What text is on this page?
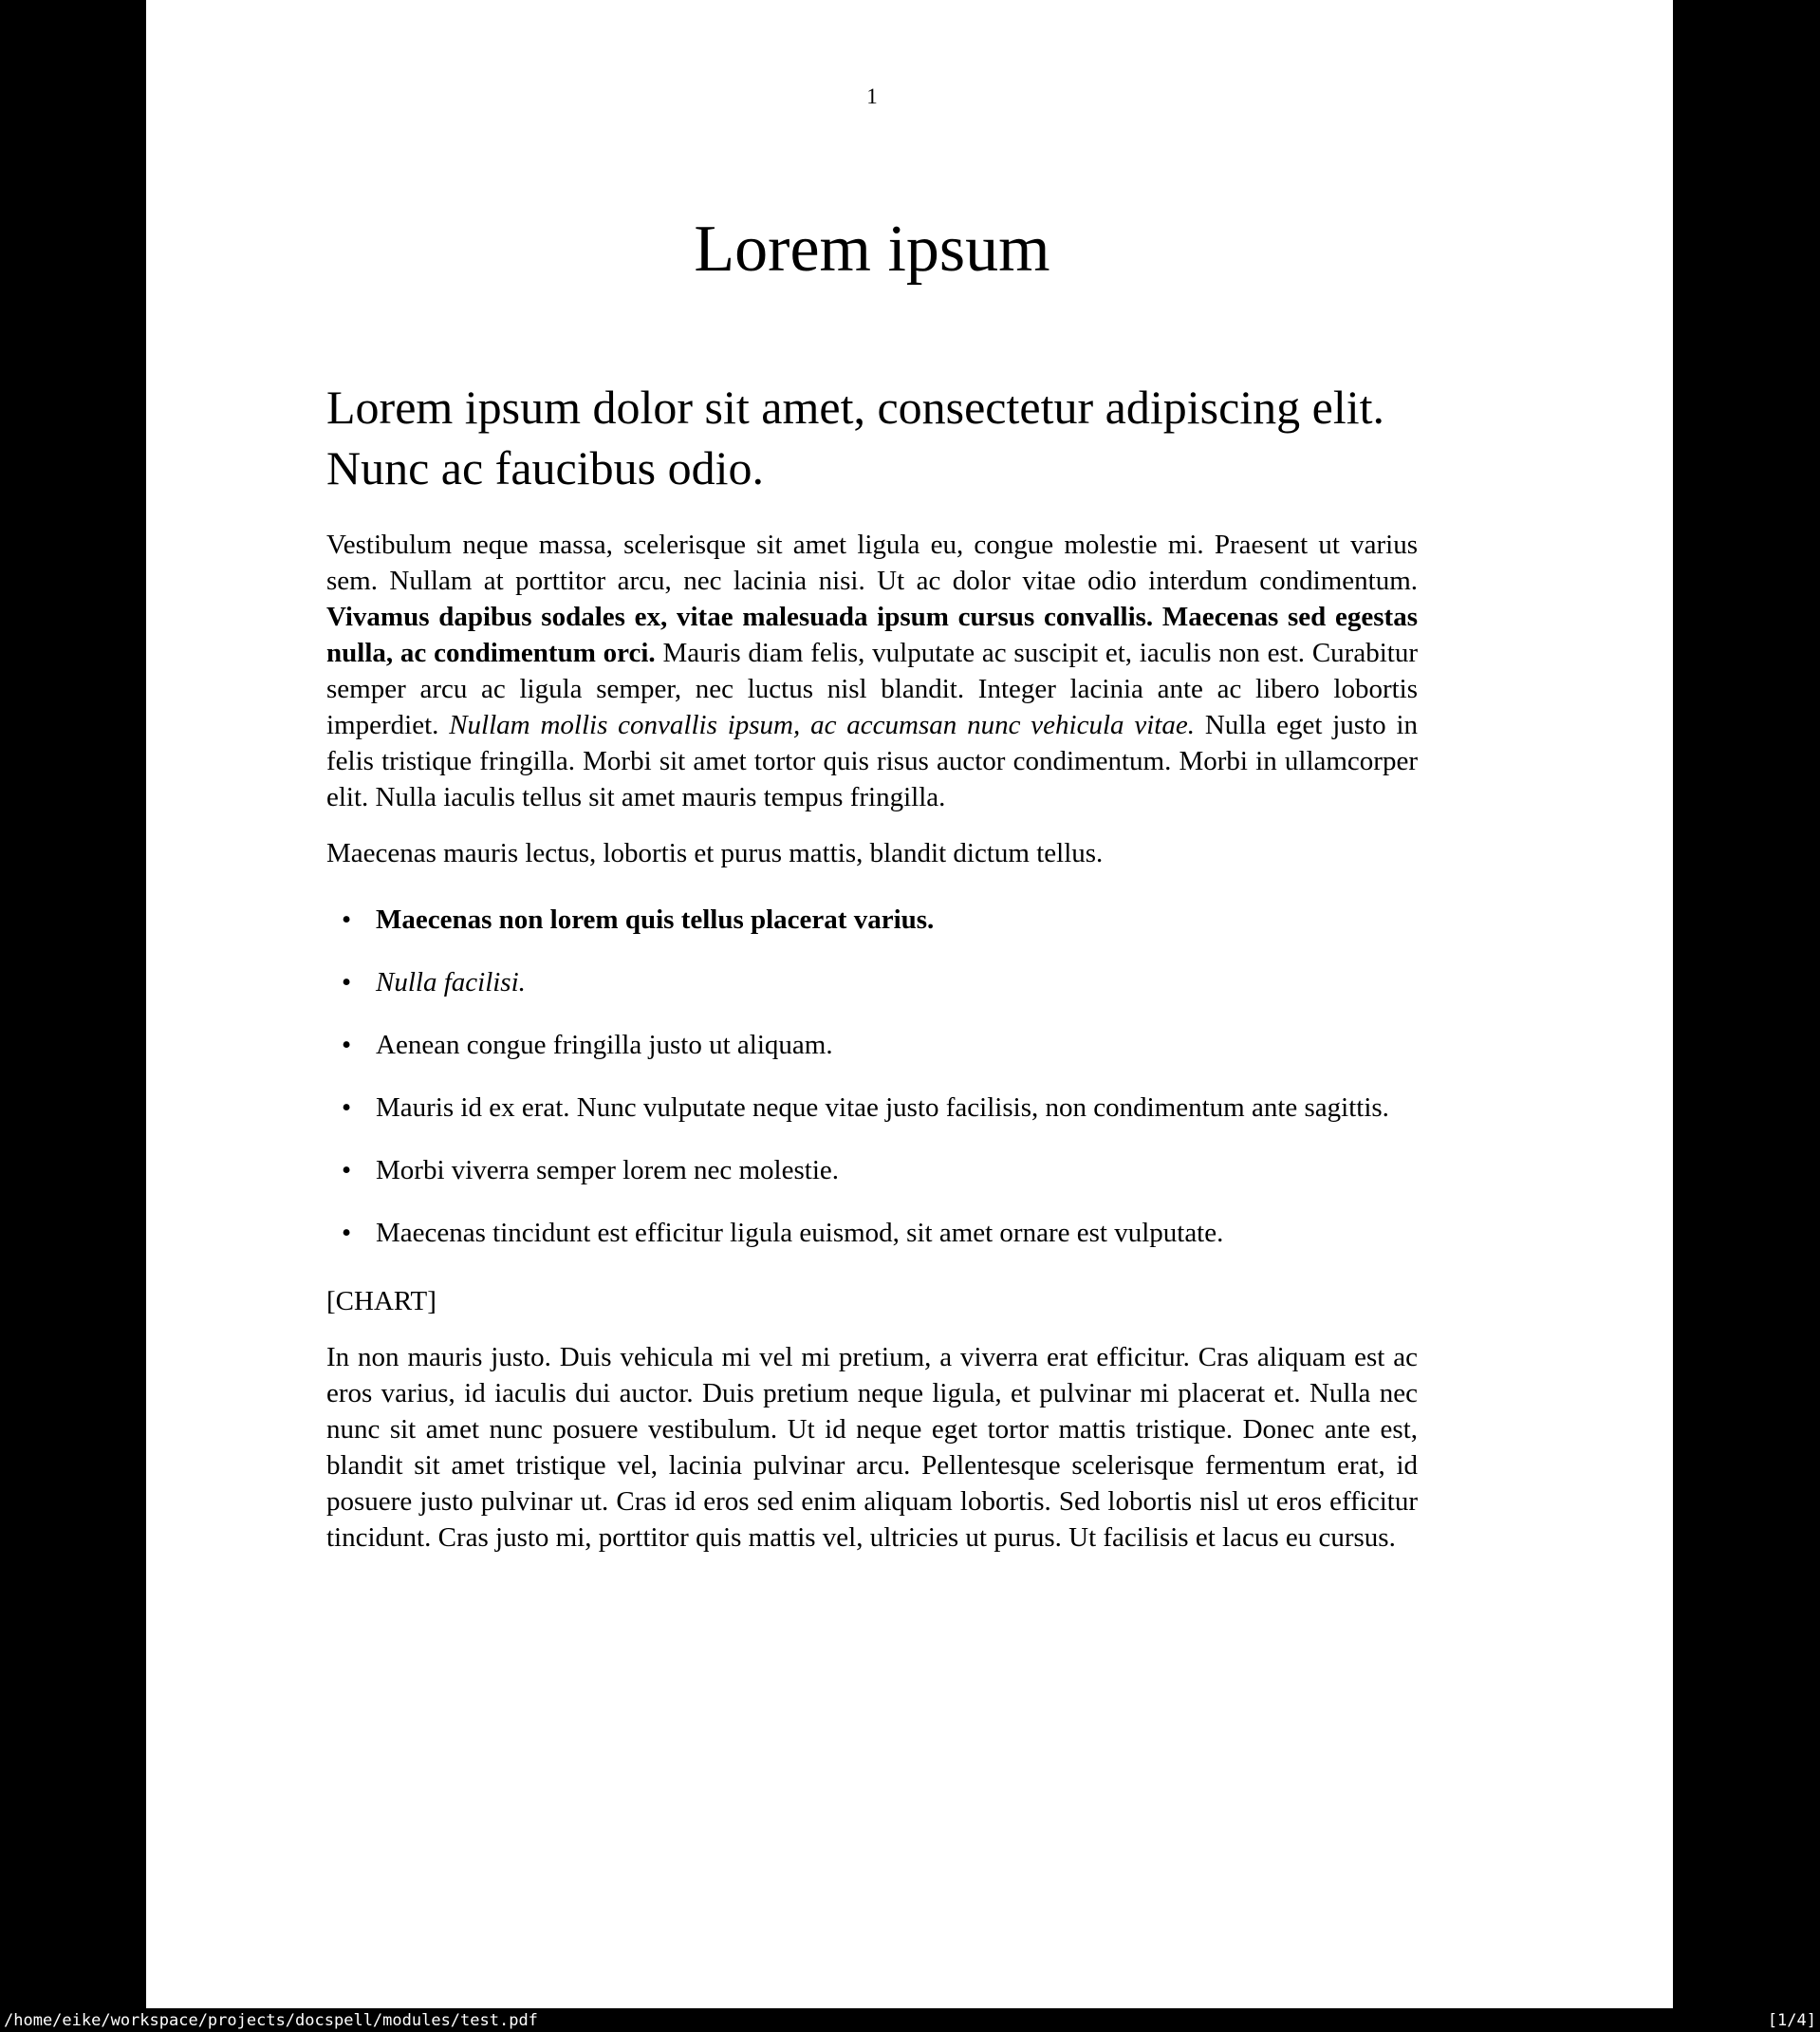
1
Lorem ipsum
Lorem ipsum dolor sit amet, consectetur adipiscing elit. Nunc ac faucibus odio.

Vestibulum neque massa, scelerisque sit amet ligula eu, congue molestie mi. Praesent ut varius sem. Nullam at porttitor arcu, nec lacinia nisi. Ut ac dolor vitae odio interdum condimentum. Vivamus dapibus sodales ex, vitae malesuada ipsum cursus convallis. Maecenas sed egestas nulla, ac condimentum orci. Mauris diam felis, vulputate ac suscipit et, iaculis non est. Curabitur semper arcu ac ligula semper, nec luctus nisl blandit. Integer lacinia ante ac libero lobortis imperdiet. Nullam mollis convallis ipsum, ac accumsan nunc vehicula vitae. Nulla eget justo in felis tristique fringilla. Morbi sit amet tortor quis risus auctor condimentum. Morbi in ullamcorper elit. Nulla iaculis tellus sit amet mauris tempus fringilla.

Maecenas mauris lectus, lobortis et purus mattis, blandit dictum tellus.

• Maecenas non lorem quis tellus placerat varius.
• Nulla facilisi.
• Aenean congue fringilla justo ut aliquam.
• Mauris id ex erat. Nunc vulputate neque vitae justo facilisis, non condimentum ante sagittis.
• Morbi viverra semper lorem nec molestie.
• Maecenas tincidunt est efficitur ligula euismod, sit amet ornare est vulputate.

[CHART]

In non mauris justo. Duis vehicula mi vel mi pretium, a viverra erat efficitur. Cras aliquam est ac eros varius, id iaculis dui auctor. Duis pretium neque ligula, et pulvinar mi placerat et. Nulla nec nunc sit amet nunc posuere vestibulum. Ut id neque eget tortor mattis tristique. Donec ante est, blandit sit amet tristique vel, lacinia pulvinar arcu. Pellentesque scelerisque fermentum erat, id posuere justo pulvinar ut. Cras id eros sed enim aliquam lobortis. Sed lobortis nisl ut eros efficitur tincidunt. Cras justo mi, porttitor quis mattis vel, ultricies ut purus. Ut facilisis et lacus eu cursus.

/home/eike/workspace/projects/docspell/modules/test.pdf	[1/4]
